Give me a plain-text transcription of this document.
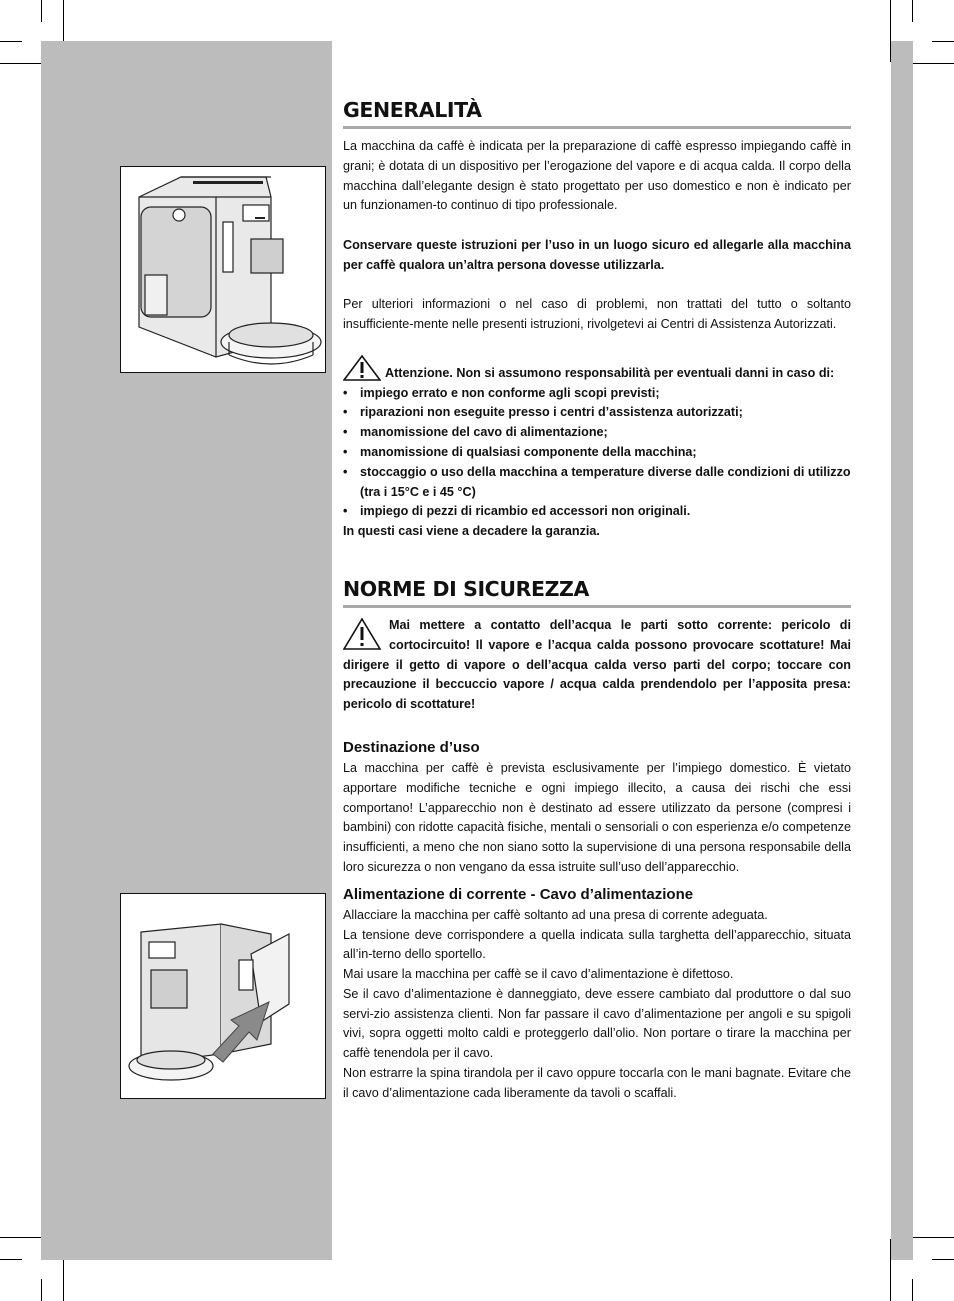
GENERALITÀ

La macchina da caffè è indicata per la preparazione di caffè espresso impiegando caffè in grani; è dotata di un dispositivo per l’erogazione del vapore e di acqua calda. Il corpo della macchina dall’elegante design è stato progettato per uso domestico e non è indicato per un funzionamen-to continuo di tipo professionale.

Conservare queste istruzioni per l’uso in un luogo sicuro ed allegarle alla macchina per caffè qualora un’altra persona dovesse utilizzarla.

Per ulteriori informazioni o nel caso di problemi, non trattati del tutto o soltanto insufficiente-mente nelle presenti istruzioni, rivolgetevi ai Centri di Assistenza Autorizzati.

Attenzione. Non si assumono responsabilità per eventuali danni in caso di:

• impiego errato e non conforme agli scopi previsti;
• riparazioni non eseguite presso i centri d’assistenza autorizzati;
• manomissione del cavo di alimentazione;
• manomissione di qualsiasi componente della macchina;
• stoccaggio o uso della macchina a temperature diverse dalle condizioni di utilizzo (tra i 15°C e i 45 °C)
• impiego di pezzi di ricambio ed accessori non originali.

In questi casi viene a decadere la garanzia.

NORME DI SICUREZZA

Mai mettere a contatto dell’acqua le parti sotto corrente: pericolo di cortocircuito! Il vapore e l’acqua calda possono provocare scottature! Mai dirigere il getto di vapore o dell’acqua calda verso parti del corpo; toccare con precauzione il beccuccio vapore / acqua calda prendendolo per l’apposita presa: pericolo di scottature!

Destinazione d’uso

La macchina per caffè è prevista esclusivamente per l’impiego domestico. È vietato apportare modifiche tecniche e ogni impiego illecito, a causa dei rischi che essi comportano! L’apparecchio non è destinato ad essere utilizzato da persone (compresi i bambini) con ridotte capacità fisiche, mentali o sensoriali o con esperienza e/o competenze insufficienti, a meno che non siano sotto la supervisione di una persona responsabile della loro sicurezza o non vengano da essa istruite sull’uso dell’apparecchio.

Alimentazione di corrente - Cavo d’alimentazione

Allacciare la macchina per caffè soltanto ad una presa di corrente adeguata.

La tensione deve corrispondere a quella indicata sulla targhetta dell’apparecchio, situata all’in-terno dello sportello.

Mai usare la macchina per caffè se il cavo d’alimentazione è difettoso.

Se il cavo d’alimentazione è danneggiato, deve essere cambiato dal produttore o dal suo servi-zio assistenza clienti. Non far passare il cavo d’alimentazione per angoli e su spigoli vivi, sopra oggetti molto caldi e proteggerlo dall’olio. Non portare o tirare la macchina per caffè tenendola per il cavo.

Non estrarre la spina tirandola per il cavo oppure toccarla con le mani bagnate. Evitare che il cavo d’alimentazione cada liberamente da tavoli o scaffali.
